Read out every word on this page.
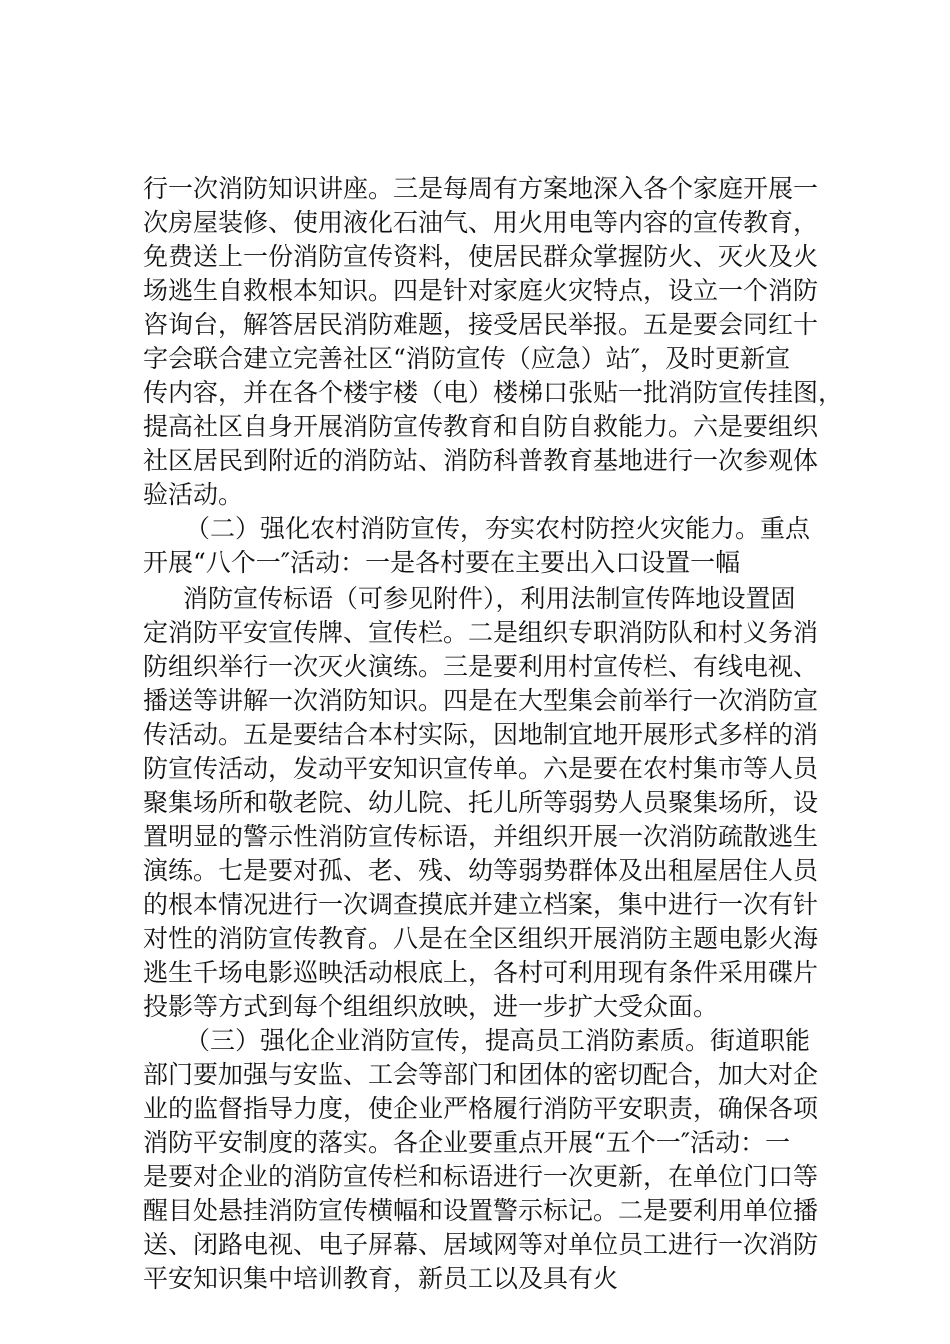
行一次消防知识讲座。三是每周有方案地深入各个家庭开展一
次房屋装修、使用液化石油气、用火用电等内容的宣传教育，
免费送上一份消防宣传资料，使居民群众掌握防火、灭火及火
场逃生自救根本知识。四是针对家庭火灾特点，设立一个消防
咨询台，解答居民消防难题，接受居民举报。五是要会同红十
字会联合建立完善社区“消防宣传（应急）站″，及时更新宣
传内容，并在各个楼宇楼（电）楼梯口张贴一批消防宣传挂图，
提高社区自身开展消防宣传教育和自防自救能力。六是要组织
社区居民到附近的消防站、消防科普教育基地进行一次参观体
验活动。
（二）强化农村消防宣传，夯实农村防控火灾能力。重点
开展“八个一″活动：一是各村要在主要出入口设置一幅
消防宣传标语（可参见附件），利用法制宣传阵地设置固
定消防平安宣传牌、宣传栏。二是组织专职消防队和村义务消
防组织举行一次灭火演练。三是要利用村宣传栏、有线电视、
播送等讲解一次消防知识。四是在大型集会前举行一次消防宣
传活动。五是要结合本村实际，因地制宜地开展形式多样的消
防宣传活动，发动平安知识宣传单。六是要在农村集市等人员
聚集场所和敬老院、幼儿院、托儿所等弱势人员聚集场所，设
置明显的警示性消防宣传标语，并组织开展一次消防疏散逃生
演练。七是要对孤、老、残、幼等弱势群体及出租屋居住人员
的根本情况进行一次调查摸底并建立档案，集中进行一次有针
对性的消防宣传教育。八是在全区组织开展消防主题电影火海
逃生千场电影巡映活动根底上，各村可利用现有条件采用碟片
投影等方式到每个组组织放映，进一步扩大受众面。
（三）强化企业消防宣传，提高员工消防素质。街道职能
部门要加强与安监、工会等部门和团体的密切配合，加大对企
业的监督指导力度，使企业严格履行消防平安职责，确保各项
消防平安制度的落实。各企业要重点开展“五个一″活动：一
是要对企业的消防宣传栏和标语进行一次更新，在单位门口等
醒目处悬挂消防宣传横幅和设置警示标记。二是要利用单位播
送、闭路电视、电子屏幕、居域网等对单位员工进行一次消防
平安知识集中培训教育，新员工以及具有火
